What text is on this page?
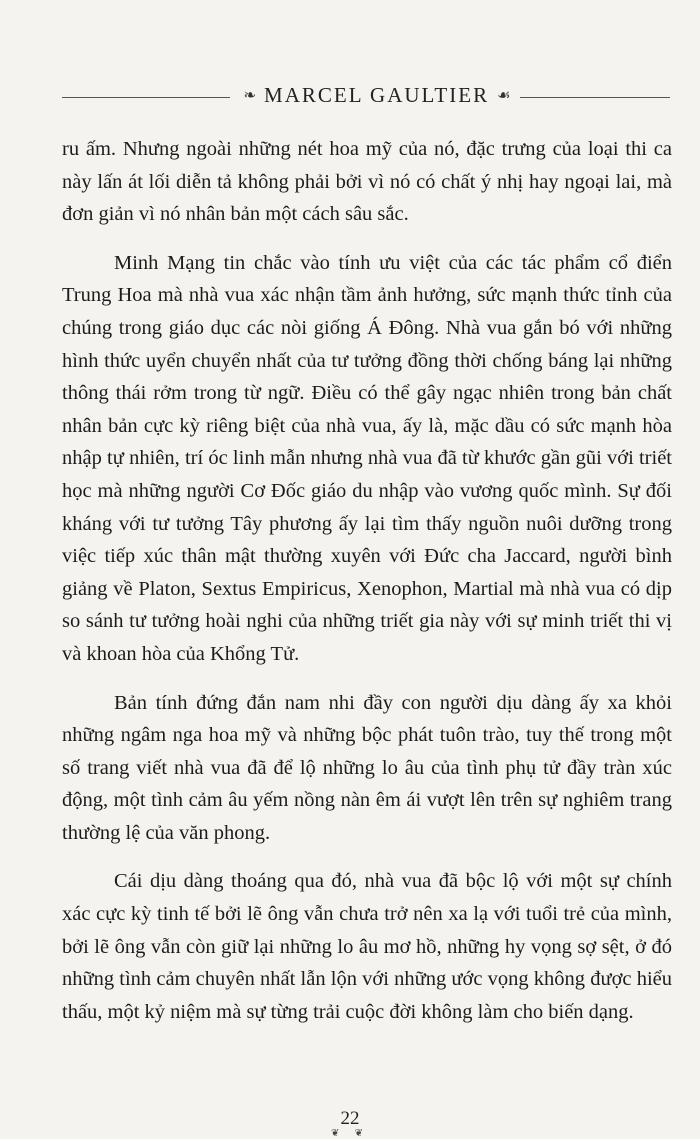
❧ MARCEL GAULTIER ☙

ru ấm. Nhưng ngoài những nét hoa mỹ của nó, đặc trưng của loại thi ca này lấn át lối diễn tả không phải bởi vì nó có chất ý nhị hay ngoại lai, mà đơn giản vì nó nhân bản một cách sâu sắc.

Minh Mạng tin chắc vào tính ưu việt của các tác phẩm cổ điển Trung Hoa mà nhà vua xác nhận tầm ảnh hưởng, sức mạnh thức tỉnh của chúng trong giáo dục các nòi giống Á Đông. Nhà vua gắn bó với những hình thức uyển chuyển nhất của tư tưởng đồng thời chống báng lại những thông thái rởm trong từ ngữ. Điều có thể gây ngạc nhiên trong bản chất nhân bản cực kỳ riêng biệt của nhà vua, ấy là, mặc dầu có sức mạnh hòa nhập tự nhiên, trí óc linh mẫn nhưng nhà vua đã từ khước gần gũi với triết học mà những người Cơ Đốc giáo du nhập vào vương quốc mình. Sự đối kháng với tư tưởng Tây phương ấy lại tìm thấy nguồn nuôi dưỡng trong việc tiếp xúc thân mật thường xuyên với Đức cha Jaccard, người bình giảng về Platon, Sextus Empiricus, Xenophon, Martial mà nhà vua có dịp so sánh tư tưởng hoài nghi của những triết gia này với sự minh triết thi vị và khoan hòa của Khổng Tử.

Bản tính đứng đắn nam nhi đầy con người dịu dàng ấy xa khỏi những ngâm nga hoa mỹ và những bộc phát tuôn trào, tuy thế trong một số trang viết nhà vua đã để lộ những lo âu của tình phụ tử đầy tràn xúc động, một tình cảm âu yếm nồng nàn êm ái vượt lên trên sự nghiêm trang thường lệ của văn phong.

Cái dịu dàng thoáng qua đó, nhà vua đã bộc lộ với một sự chính xác cực kỳ tinh tế bởi lẽ ông vẫn chưa trở nên xa lạ với tuổi trẻ của mình, bởi lẽ ông vẫn còn giữ lại những lo âu mơ hồ, những hy vọng sợ sệt, ở đó những tình cảm chuyên nhất lẫn lộn với những ước vọng không được hiểu thấu, một kỷ niệm mà sự từng trải cuộc đời không làm cho biến dạng.

22
❦ ❦
